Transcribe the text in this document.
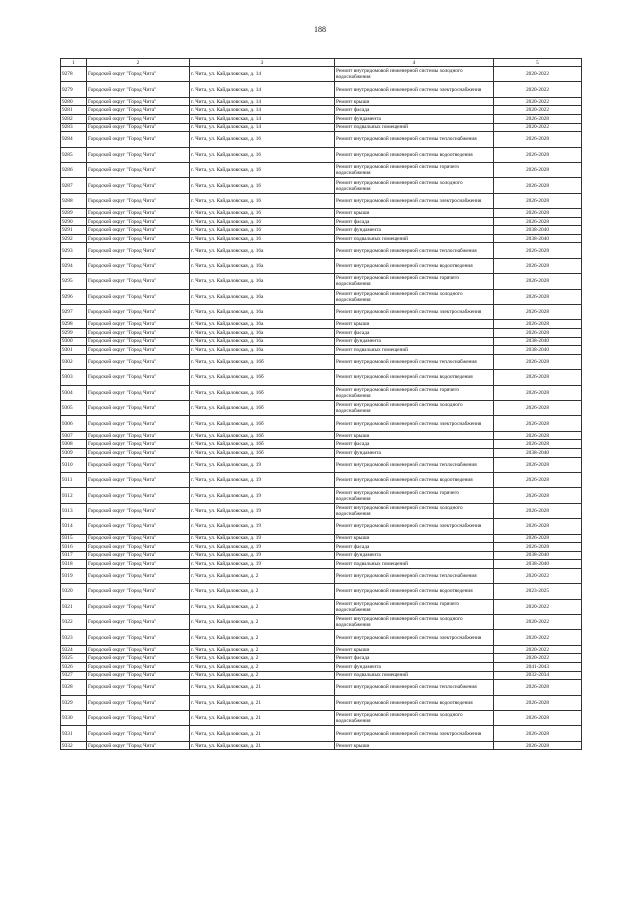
188
1	2	3	4	5
9278	Городской округ "Город Чита"	г. Чита, ул. Кайдаловская, д. 14	Ремонт внутридомовой инженерной системы холодного водоснабжения	2020-2022
9279	Городской округ "Город Чита"	г. Чита, ул. Кайдаловская, д. 14	Ремонт внутридомовой инженерной системы электроснабжения	2020-2022
9280	Городской округ "Город Чита"	г. Чита, ул. Кайдаловская, д. 14	Ремонт крыши	2020-2022
9281	Городской округ "Город Чита"	г. Чита, ул. Кайдаловская, д. 14	Ремонт фасада	2020-2022
9282	Городской округ "Город Чита"	г. Чита, ул. Кайдаловская, д. 14	Ремонт фундамента	2026-2028
9283	Городской округ "Город Чита"	г. Чита, ул. Кайдаловская, д. 14	Ремонт подвальных помещений	2020-2022
9284	Городской округ "Город Чита"	г. Чита, ул. Кайдаловская, д. 16	Ремонт внутридомовой инженерной системы теплоснабжения	2026-2028
9285	Городской округ "Город Чита"	г. Чита, ул. Кайдаловская, д. 16	Ремонт внутридомовой инженерной системы водоотведения	2026-2028
9286	Городской округ "Город Чита"	г. Чита, ул. Кайдаловская, д. 16	Ремонт внутридомовой инженерной системы горячего водоснабжения	2026-2028
9287	Городской округ "Город Чита"	г. Чита, ул. Кайдаловская, д. 16	Ремонт внутридомовой инженерной системы холодного водоснабжения	2026-2028
9288	Городской округ "Город Чита"	г. Чита, ул. Кайдаловская, д. 16	Ремонт внутридомовой инженерной системы электроснабжения	2026-2028
9289	Городской округ "Город Чита"	г. Чита, ул. Кайдаловская, д. 16	Ремонт крыши	2026-2028
9290	Городской округ "Город Чита"	г. Чита, ул. Кайдаловская, д. 16	Ремонт фасада	2026-2028
9291	Городской округ "Город Чита"	г. Чита, ул. Кайдаловская, д. 16	Ремонт фундамента	2038-2040
9292	Городской округ "Город Чита"	г. Чита, ул. Кайдаловская, д. 16	Ремонт подвальных помещений	2038-2040
9293	Городской округ "Город Чита"	г. Чита, ул. Кайдаловская, д. 16а	Ремонт внутридомовой инженерной системы теплоснабжения	2026-2028
9294	Городской округ "Город Чита"	г. Чита, ул. Кайдаловская, д. 16а	Ремонт внутридомовой инженерной системы водоотведения	2026-2028
9295	Городской округ "Город Чита"	г. Чита, ул. Кайдаловская, д. 16а	Ремонт внутридомовой инженерной системы горячего водоснабжения	2026-2028
9296	Городской округ "Город Чита"	г. Чита, ул. Кайдаловская, д. 16а	Ремонт внутридомовой инженерной системы холодного водоснабжения	2026-2028
9297	Городской округ "Город Чита"	г. Чита, ул. Кайдаловская, д. 16а	Ремонт внутридомовой инженерной системы электроснабжения	2026-2028
9298	Городской округ "Город Чита"	г. Чита, ул. Кайдаловская, д. 16а	Ремонт крыши	2026-2028
9299	Городской округ "Город Чита"	г. Чита, ул. Кайдаловская, д. 16а	Ремонт фасада	2026-2028
9300	Городской округ "Город Чита"	г. Чита, ул. Кайдаловская, д. 16а	Ремонт фундамента	2038-2040
9301	Городской округ "Город Чита"	г. Чита, ул. Кайдаловская, д. 16а	Ремонт подвальных помещений	2038-2040
9302	Городской округ "Город Чита"	г. Чита, ул. Кайдаловская, д. 16б	Ремонт внутридомовой инженерной системы теплоснабжения	2026-2028
9303	Городской округ "Город Чита"	г. Чита, ул. Кайдаловская, д. 16б	Ремонт внутридомовой инженерной системы водоотведения	2026-2028
9304	Городской округ "Город Чита"	г. Чита, ул. Кайдаловская, д. 16б	Ремонт внутридомовой инженерной системы горячего водоснабжения	2026-2028
9305	Городской округ "Город Чита"	г. Чита, ул. Кайдаловская, д. 16б	Ремонт внутридомовой инженерной системы холодного водоснабжения	2026-2028
9306	Городской округ "Город Чита"	г. Чита, ул. Кайдаловская, д. 16б	Ремонт внутридомовой инженерной системы электроснабжения	2026-2028
9307	Городской округ "Город Чита"	г. Чита, ул. Кайдаловская, д. 16б	Ремонт крыши	2026-2028
9308	Городской округ "Город Чита"	г. Чита, ул. Кайдаловская, д. 16б	Ремонт фасада	2026-2028
9309	Городской округ "Город Чита"	г. Чита, ул. Кайдаловская, д. 16б	Ремонт фундамента	2038-2040
9310	Городской округ "Город Чита"	г. Чита, ул. Кайдаловская, д. 19	Ремонт внутридомовой инженерной системы теплоснабжения	2026-2028
9311	Городской округ "Город Чита"	г. Чита, ул. Кайдаловская, д. 19	Ремонт внутридомовой инженерной системы водоотведения	2026-2028
9312	Городской округ "Город Чита"	г. Чита, ул. Кайдаловская, д. 19	Ремонт внутридомовой инженерной системы горячего водоснабжения	2026-2028
9313	Городской округ "Город Чита"	г. Чита, ул. Кайдаловская, д. 19	Ремонт внутридомовой инженерной системы холодного водоснабжения	2026-2028
9314	Городской округ "Город Чита"	г. Чита, ул. Кайдаловская, д. 19	Ремонт внутридомовой инженерной системы электроснабжения	2026-2028
9315	Городской округ "Город Чита"	г. Чита, ул. Кайдаловская, д. 19	Ремонт крыши	2026-2028
9316	Городской округ "Город Чита"	г. Чита, ул. Кайдаловская, д. 19	Ремонт фасада	2026-2028
9317	Городской округ "Город Чита"	г. Чита, ул. Кайдаловская, д. 19	Ремонт фундамента	2038-2040
9318	Городской округ "Город Чита"	г. Чита, ул. Кайдаловская, д. 19	Ремонт подвальных помещений	2038-2040
9319	Городской округ "Город Чита"	г. Чита, ул. Кайдаловская, д. 2	Ремонт внутридомовой инженерной системы теплоснабжения	2020-2022
9320	Городской округ "Город Чита"	г. Чита, ул. Кайдаловская, д. 2	Ремонт внутридомовой инженерной системы водоотведения	2023-2025
9321	Городской округ "Город Чита"	г. Чита, ул. Кайдаловская, д. 2	Ремонт внутридомовой инженерной системы горячего водоснабжения	2020-2022
9322	Городской округ "Город Чита"	г. Чита, ул. Кайдаловская, д. 2	Ремонт внутридомовой инженерной системы холодного водоснабжения	2020-2022
9323	Городской округ "Город Чита"	г. Чита, ул. Кайдаловская, д. 2	Ремонт внутридомовой инженерной системы электроснабжения	2020-2022
9324	Городской округ "Город Чита"	г. Чита, ул. Кайдаловская, д. 2	Ремонт крыши	2020-2022
9325	Городской округ "Город Чита"	г. Чита, ул. Кайдаловская, д. 2	Ремонт фасада	2020-2022
9326	Городской округ "Город Чита"	г. Чита, ул. Кайдаловская, д. 2	Ремонт фундамента	2041-2043
9327	Городской округ "Город Чита"	г. Чита, ул. Кайдаловская, д. 2	Ремонт подвальных помещений	2032-2034
9328	Городской округ "Город Чита"	г. Чита, ул. Кайдаловская, д. 21	Ремонт внутридомовой инженерной системы теплоснабжения	2026-2028
9329	Городской округ "Город Чита"	г. Чита, ул. Кайдаловская, д. 21	Ремонт внутридомовой инженерной системы водоотведения	2026-2028
9330	Городской округ "Город Чита"	г. Чита, ул. Кайдаловская, д. 21	Ремонт внутридомовой инженерной системы холодного водоснабжения	2026-2028
9331	Городской округ "Город Чита"	г. Чита, ул. Кайдаловская, д. 21	Ремонт внутридомовой инженерной системы электроснабжения	2026-2028
9332	Городской округ "Город Чита"	г. Чита, ул. Кайдаловская, д. 21	Ремонт крыши	2026-2028
